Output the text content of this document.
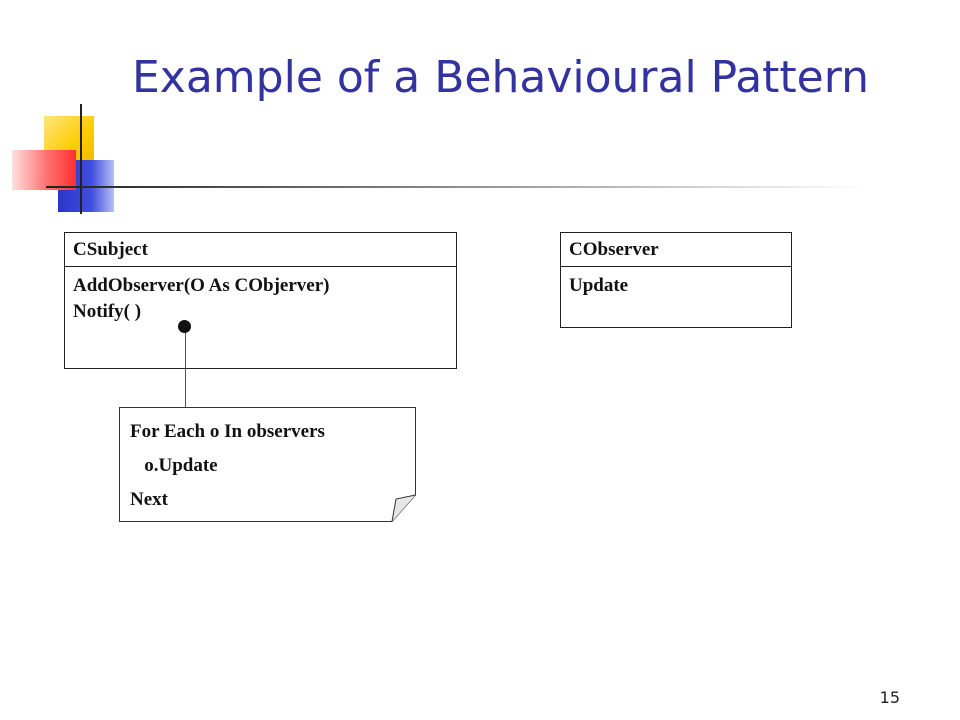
Example of a Behavioural Pattern
CSubject
AddObserver(O As CObjerver)
Notify( )
CObserver
Update
For Each o In observers
o.Update
Next
15
